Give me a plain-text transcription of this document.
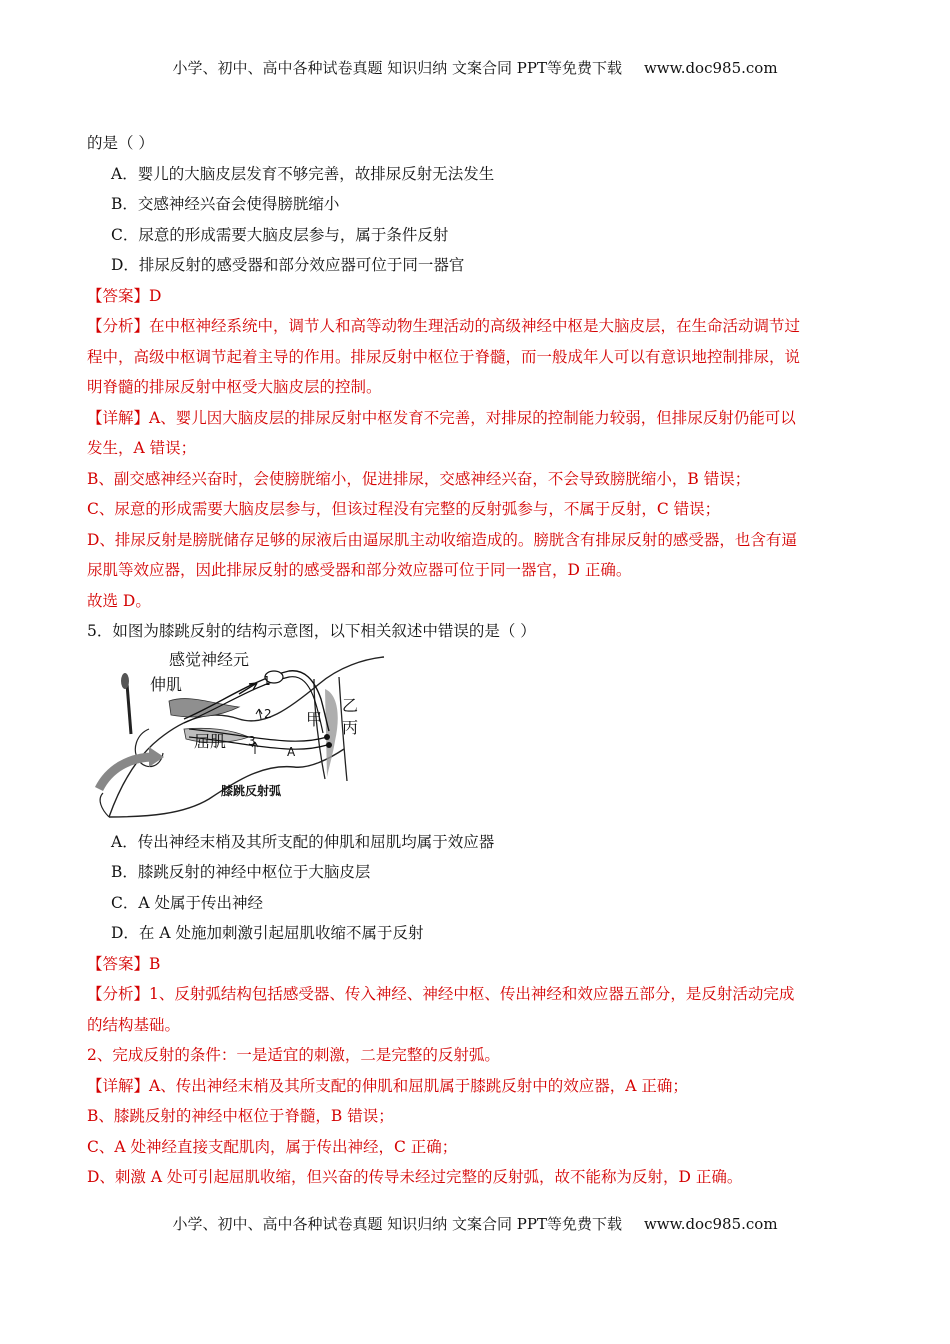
小学、初中、高中各种试卷真题 知识归纳 文案合同 PPT等免费下载 www.doc985.com
的是（ ）
A．婴儿的大脑皮层发育不够完善，故排尿反射无法发生
B．交感神经兴奋会使得膀胱缩小
C．尿意的形成需要大脑皮层参与，属于条件反射
D．排尿反射的感受器和部分效应器可位于同一器官
【答案】D
【分析】在中枢神经系统中，调节人和高等动物生理活动的高级神经中枢是大脑皮层，在生命活动调节过
程中，高级中枢调节起着主导的作用。排尿反射中枢位于脊髓，而一般成年人可以有意识地控制排尿，说
明脊髓的排尿反射中枢受大脑皮层的控制。
【详解】A、婴儿因大脑皮层的排尿反射中枢发育不完善，对排尿的控制能力较弱，但排尿反射仍能可以
发生，A 错误；
B、副交感神经兴奋时，会使膀胱缩小，促进排尿，交感神经兴奋，不会导致膀胱缩小，B 错误；
C、尿意的形成需要大脑皮层参与，但该过程没有完整的反射弧参与，不属于反射，C 错误；
D、排尿反射是膀胱储存足够的尿液后由逼尿肌主动收缩造成的。膀胱含有排尿反射的感受器，也含有逼
尿肌等效应器，因此排尿反射的感受器和部分效应器可位于同一器官，D 正确。
故选 D。
5．如图为膝跳反射的结构示意图，以下相关叙述中错误的是（ ）
感觉神经元
伸肌
屈肌
甲
乙
丙
1
2
3
A
膝跳反射弧
A．传出神经末梢及其所支配的伸肌和屈肌均属于效应器
B．膝跳反射的神经中枢位于大脑皮层
C．A 处属于传出神经
D．在 A 处施加刺激引起屈肌收缩不属于反射
【答案】B
【分析】1、反射弧结构包括感受器、传入神经、神经中枢、传出神经和效应器五部分，是反射活动完成
的结构基础。
2、完成反射的条件：一是适宜的刺激，二是完整的反射弧。
【详解】A、传出神经末梢及其所支配的伸肌和屈肌属于膝跳反射中的效应器，A 正确；
B、膝跳反射的神经中枢位于脊髓，B 错误；
C、A 处神经直接支配肌肉，属于传出神经，C 正确；
D、刺激 A 处可引起屈肌收缩，但兴奋的传导未经过完整的反射弧，故不能称为反射，D 正确。
小学、初中、高中各种试卷真题 知识归纳 文案合同 PPT等免费下载 www.doc985.com
